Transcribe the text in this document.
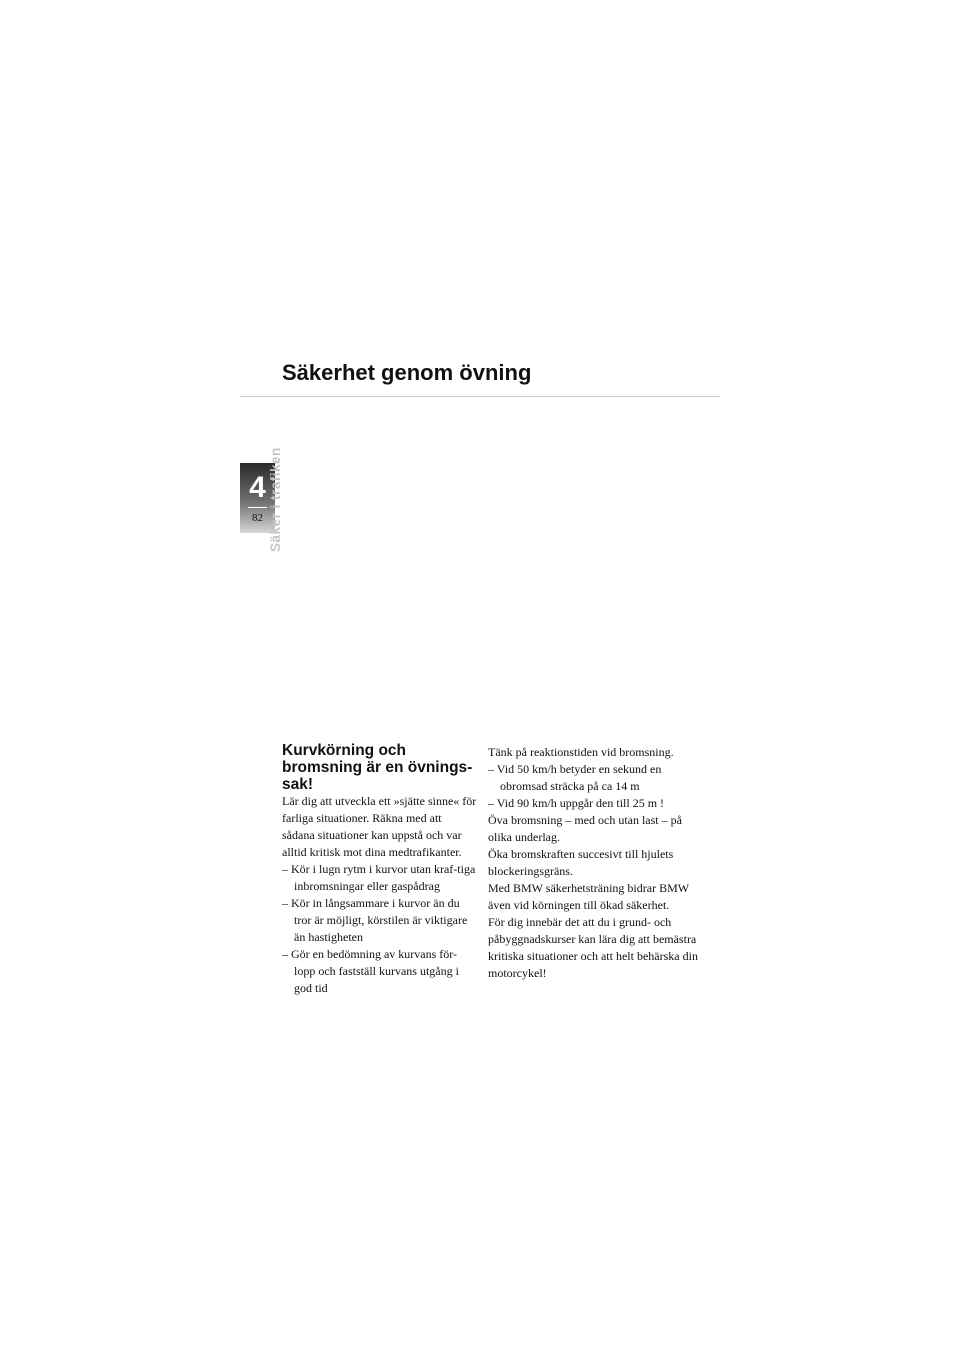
Säkerhet genom övning
4
82 Säker i trafiken
Kurvkörning och bromsning är en övnings-sak!

Lär dig att utveckla ett »sjätte sinne« för farliga situationer. Räkna med att sådana situationer kan uppstå och var alltid kritisk mot dina medtrafikanter.

– Kör i lugn rytm i kurvor utan kraf-tiga inbromsningar eller gaspådrag

– Kör in långsammare i kurvor än du tror är möjligt, körstilen är viktigare än hastigheten

– Gör en bedömning av kurvans för-lopp och fastställ kurvans utgång i god tid

Tänk på reaktionstiden vid bromsning.

– Vid 50 km/h betyder en sekund en obromsad sträcka på ca 14 m

– Vid 90 km/h uppgår den till 25 m !

Öva bromsning – med och utan last – på olika underlag.

Öka bromskraften succesivt till hjulets blockeringsgräns.

Med BMW säkerhetsträning bidrar BMW även vid körningen till ökad säkerhet.

För dig innebär det att du i grund- och påbyggnadskurser kan lära dig att bemästra kritiska situationer och att helt behärska din motorcykel!
